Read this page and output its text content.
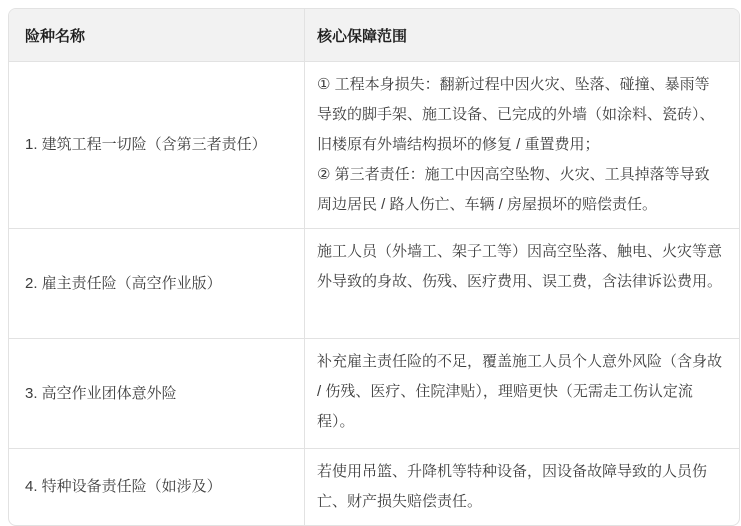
险种名称	核心保障范围
1. 建筑工程一切险（含第三者责任）
① 工程本身损失：翻新过程中因火灾、坠落、碰撞、暴雨等导致的脚手架、施工设备、已完成的外墙（如涂料、瓷砖）、旧楼原有外墙结构损坏的修复 / 重置费用；
② 第三者责任：施工中因高空坠物、火灾、工具掉落等导致周边居民 / 路人伤亡、车辆 / 房屋损坏的赔偿责任。
2. 雇主责任险（高空作业版）
施工人员（外墙工、架子工等）因高空坠落、触电、火灾等意外导致的身故、伤残、医疗费用、误工费，含法律诉讼费用。
3. 高空作业团体意外险
补充雇主责任险的不足，覆盖施工人员个人意外风险（含身故 / 伤残、医疗、住院津贴），理赔更快（无需走工伤认定流程）。
4. 特种设备责任险（如涉及）
若使用吊篮、升降机等特种设备，因设备故障导致的人员伤亡、财产损失赔偿责任。
